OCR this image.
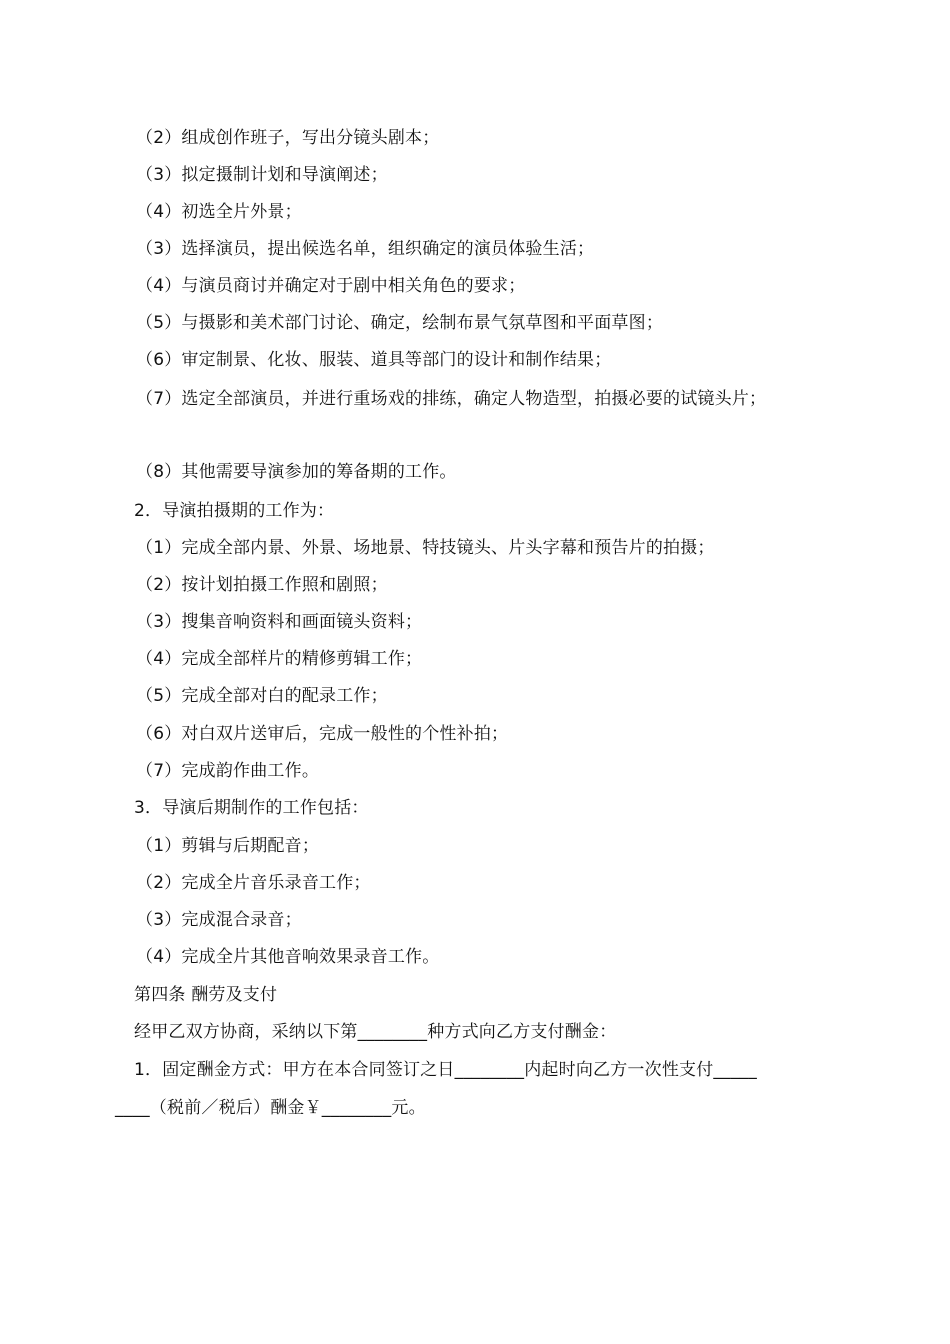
（2）组成创作班子，写出分镜头剧本；
（3）拟定摄制计划和导演阐述；
（4）初选全片外景；
（3）选择演员，提出候选名单，组织确定的演员体验生活；
（4）与演员商讨并确定对于剧中相关角色的要求；
（5）与摄影和美术部门讨论、确定，绘制布景气氛草图和平面草图；
（6）审定制景、化妆、服装、道具等部门的设计和制作结果；
（7）选定全部演员，并进行重场戏的排练，确定人物造型，拍摄必要的试镜头片；
（8）其他需要导演参加的筹备期的工作。
2．导演拍摄期的工作为：
（1）完成全部内景、外景、场地景、特技镜头、片头字幕和预告片的拍摄；
（2）按计划拍摄工作照和剧照；
（3）搜集音响资料和画面镜头资料；
（4）完成全部样片的精修剪辑工作；
（5）完成全部对白的配录工作；
（6）对白双片送审后，完成一般性的个性补拍；
（7）完成韵作曲工作。
3．导演后期制作的工作包括：
（1）剪辑与后期配音；
（2）完成全片音乐录音工作；
（3）完成混合录音；
（4）完成全片其他音响效果录音工作。
第四条 酬劳及支付
经甲乙双方协商，采纳以下第________种方式向乙方支付酬金：
1．固定酬金方式：甲方在本合同签订之日________内起时向乙方一次性支付_____
____（税前／税后）酬金￥________元。
